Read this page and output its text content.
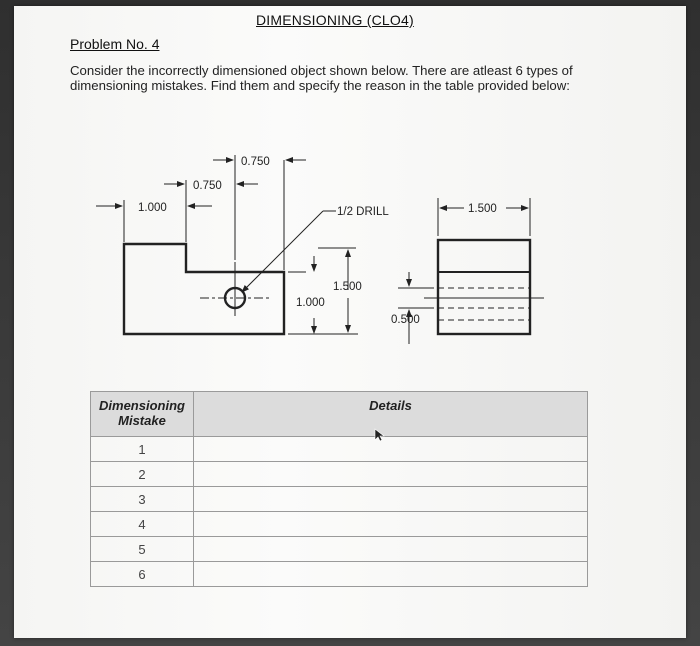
DIMENSIONING (CLO4)
Problem No. 4
Consider the incorrectly dimensioned object shown below. There are atleast 6 types of dimensioning mistakes. Find them and specify the reason in the table provided below:
0.750
0.750
1.000	1/2 DRILL
1.500
1.000
1.500
0.500
Dimensioning Mistake	Details
1	
2	
3	
4	
5	
6	
